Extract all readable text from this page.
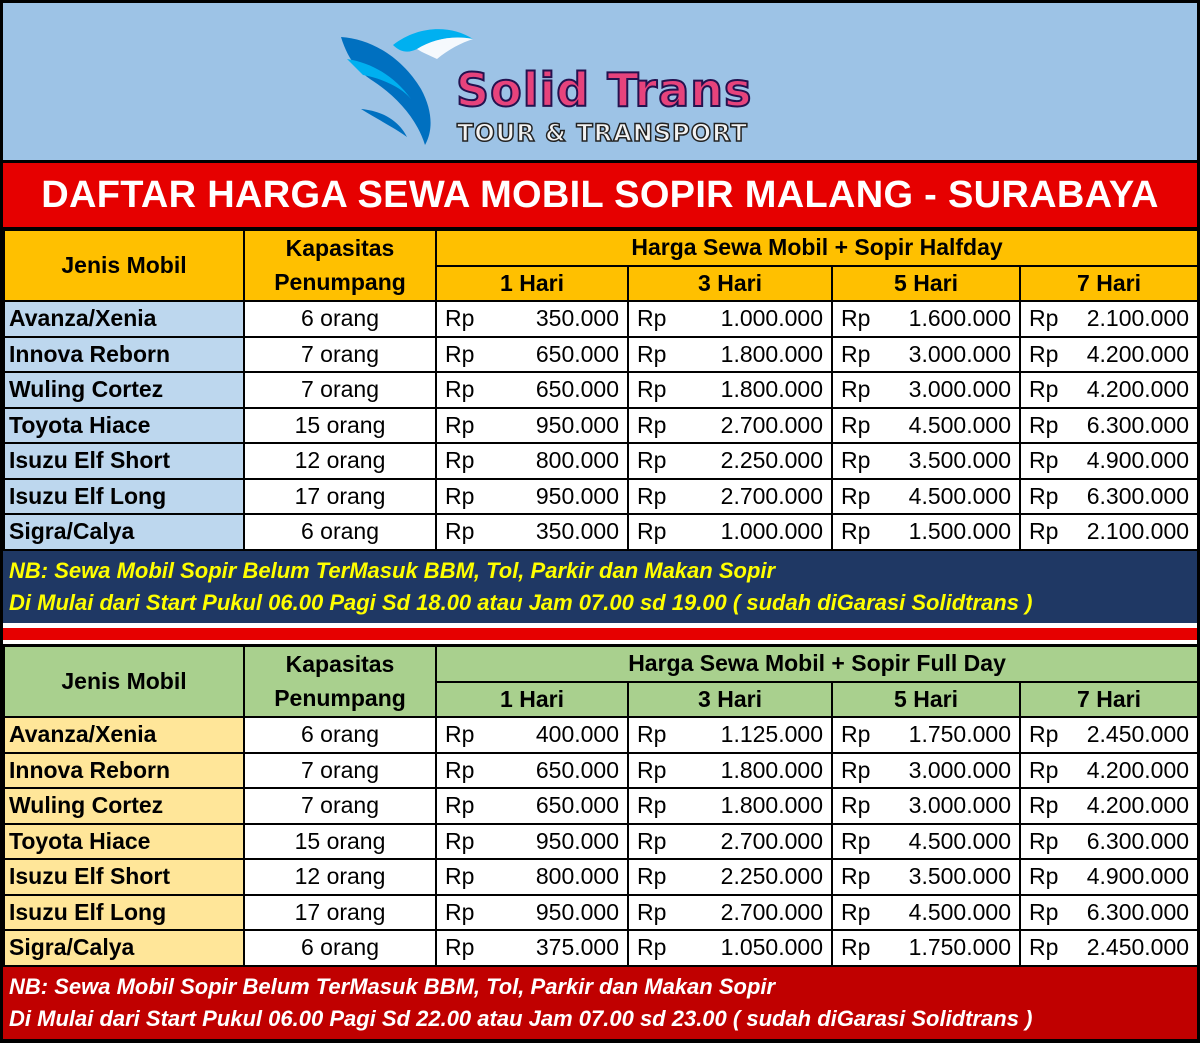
Solid Trans
TOUR & TRANSPORT
DAFTAR HARGA SEWA MOBIL SOPIR MALANG - SURABAYA
Jenis Mobil	Kapasitas	Harga Sewa Mobil + Sopir Halfday			
	Penumpang	1 Hari	3 Hari	5 Hari	7 Hari
Avanza/Xenia	6 orang	Rp 350.000	Rp 1.000.000	Rp 1.600.000	Rp 2.100.000

Innova Reborn	7 orang	Rp 650.000	Rp 1.800.000	Rp 3.000.000	Rp 4.200.000

Wuling Cortez	7 orang	Rp 650.000	Rp 1.800.000	Rp 3.000.000	Rp 4.200.000

Toyota Hiace	15 orang	Rp 950.000	Rp 2.700.000	Rp 4.500.000	Rp 6.300.000

Isuzu Elf Short	12 orang	Rp 800.000	Rp 2.250.000	Rp 3.500.000	Rp 4.900.000

Isuzu Elf Long	17 orang	Rp 950.000	Rp 2.700.000	Rp 4.500.000	Rp 6.300.000

Sigra/Calya	6 orang	Rp 350.000	Rp 1.000.000	Rp 1.500.000	Rp 2.100.000
NB: Sewa Mobil Sopir Belum TerMasuk BBM, Tol, Parkir dan Makan Sopir
Di Mulai dari Start Pukul 06.00 Pagi Sd 18.00 atau Jam 07.00 sd 19.00 ( sudah diGarasi Solidtrans )
Jenis Mobil	Kapasitas	Harga Sewa Mobil + Sopir Full Day			
	Penumpang	1 Hari	3 Hari	5 Hari	7 Hari
Avanza/Xenia	6 orang	Rp 400.000	Rp 1.125.000	Rp 1.750.000	Rp 2.450.000

Innova Reborn	7 orang	Rp 650.000	Rp 1.800.000	Rp 3.000.000	Rp 4.200.000

Wuling Cortez	7 orang	Rp 650.000	Rp 1.800.000	Rp 3.000.000	Rp 4.200.000

Toyota Hiace	15 orang	Rp 950.000	Rp 2.700.000	Rp 4.500.000	Rp 6.300.000

Isuzu Elf Short	12 orang	Rp 800.000	Rp 2.250.000	Rp 3.500.000	Rp 4.900.000

Isuzu Elf Long	17 orang	Rp 950.000	Rp 2.700.000	Rp 4.500.000	Rp 6.300.000

Sigra/Calya	6 orang	Rp 375.000	Rp 1.050.000	Rp 1.750.000	Rp 2.450.000
NB: Sewa Mobil Sopir Belum TerMasuk BBM, Tol, Parkir dan Makan Sopir
Di Mulai dari Start Pukul 06.00 Pagi Sd 22.00 atau Jam 07.00 sd 23.00 ( sudah diGarasi Solidtrans )
